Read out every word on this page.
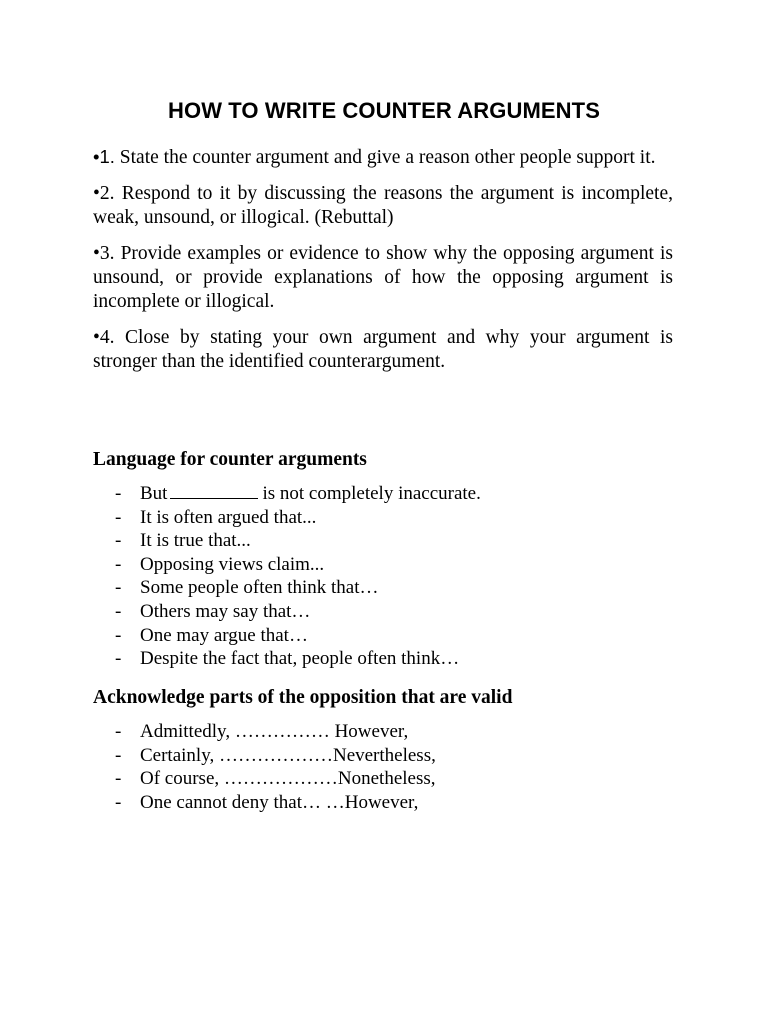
HOW TO WRITE COUNTER ARGUMENTS

•1. State the counter argument and give a reason other people support it.

•2. Respond to it by discussing the reasons the argument is incomplete, weak, unsound, or illogical. (Rebuttal)

•3. Provide examples or evidence to show why the opposing argument is unsound, or provide explanations of how the opposing argument is incomplete or illogical.

•4. Close by stating your own argument and why your argument is stronger than the identified counterargument.

Language for counter arguments
- But	is not completely inaccurate.
- It is often argued that...
- It is true that...
- Opposing views claim...
- Some people often think that…
- Others may say that…
- One may argue that…
- Despite the fact that, people often think…
Acknowledge parts of the opposition that are valid
- Admittedly, …………… However,
- Certainly, ………………Nevertheless,
- Of course, ………………Nonetheless,
- One cannot deny that… …However,
